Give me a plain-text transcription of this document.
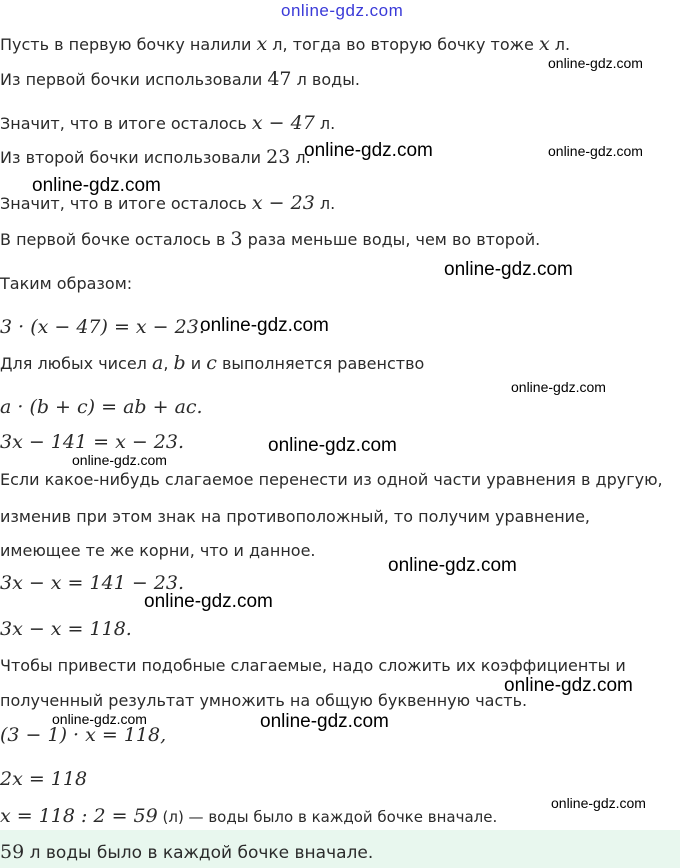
online-gdz.com
Пусть в первую бочку налили x л, тогда во вторую бочку тоже x л.
Из первой бочки использовали 47 л воды.
Значит, что в итоге осталось x − 47 л.
Из второй бочки использовали 23 л.
Значит, что в итоге осталось x − 23 л.
В первой бочке осталось в 3 раза меньше воды, чем во второй.
Таким образом:
3 · (x − 47) = x − 23.
Для любых чисел a, b и c выполняется равенство
a · (b + c) = ab + ac.
3x − 141 = x − 23.
Если какое-нибудь слагаемое перенести из одной части уравнения в другую,
изменив при этом знак на противоположный, то получим уравнение,
имеющее те же корни, что и данное.
3x − x = 141 − 23.
3x − x = 118.
Чтобы привести подобные слагаемые, надо сложить их коэффициенты и
полученный результат умножить на общую буквенную часть.
(3 − 1) · x = 118,
2x = 118
x = 118 : 2 = 59 (л) — воды было в каждой бочке вначале.
59 л воды было в каждой бочке вначале.
online-gdz.com
online-gdz.com	online-gdz.com
online-gdz.com
online-gdz.com
online-gdz.com
online-gdz.com
online-gdz.com
online-gdz.com
online-gdz.com
online-gdz.com
online-gdz.com
online-gdz.com	online-gdz.com
online-gdz.com
